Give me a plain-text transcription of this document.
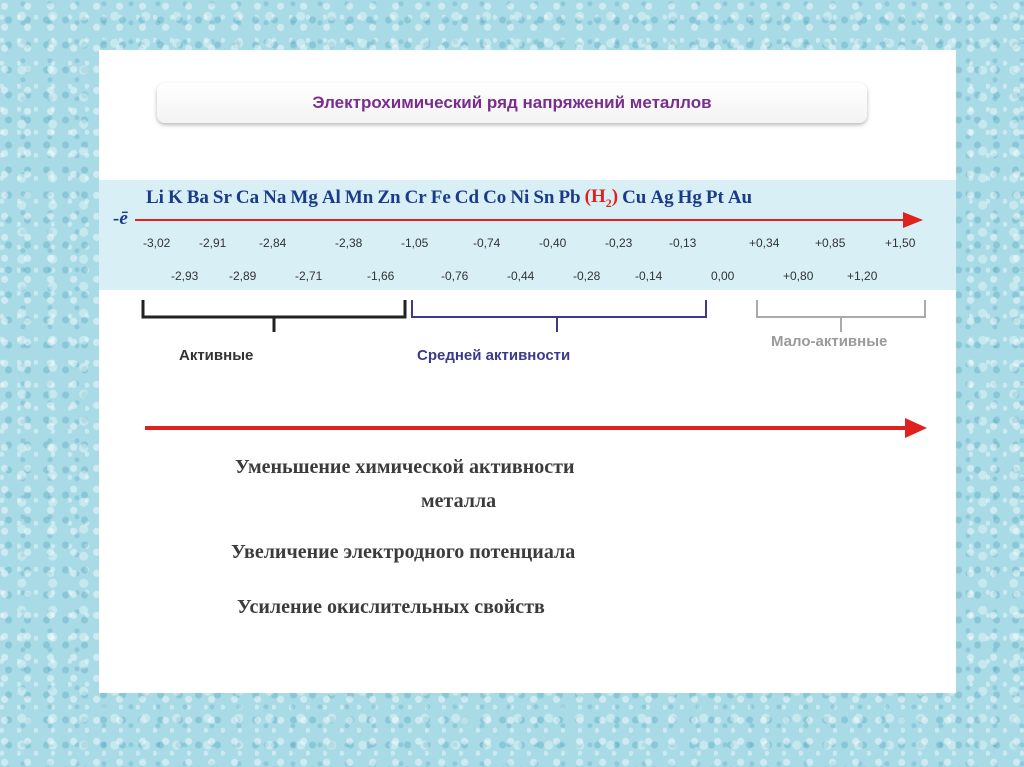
Электрохимический ряд напряжений металлов
-ē
Li K Ba Sr Ca Na Mg Al Mn Zn Cr Fe Cd Co Ni Sn Pb $(H_2)$ Cu Ag Hg Pt Au
-3,02 -2,91	-2,84	-2,38	-1,05	-0,74	-0,40	-0,23	-0,13	+0,34	+0,85	+1,50
-2,93	-2,89	-2,71	-1,66	-0,76	-0,44	-0,28	-0,14	0,00	+0,80	+1,20
Активные	Средней активности
Мало-активные
Уменьшение химической активности
металла
Увеличение электродного потенциала
Усиление окислительных свойств
